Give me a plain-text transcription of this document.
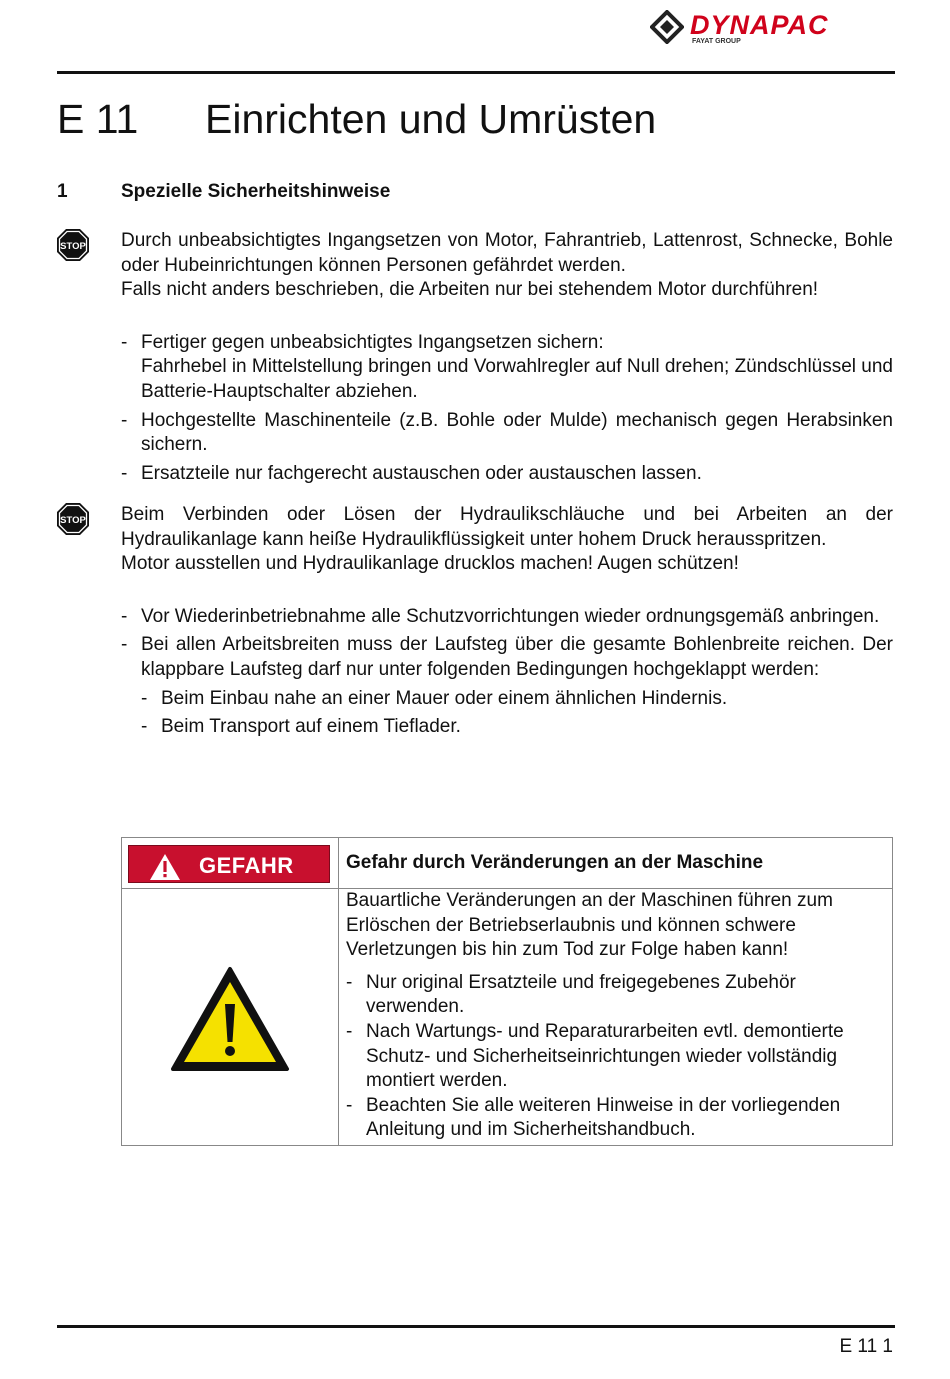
DYNAPAC
FAYAT GROUP
E 11 Einrichten und Umrüsten
1	Spezielle Sicherheitshinweise
STOP Durch unbeabsichtigtes Ingangsetzen von Motor, Fahrantrieb, Lattenrost, Schnecke, Bohle oder Hubeinrichtungen können Personen gefährdet werden.
Falls nicht anders beschrieben, die Arbeiten nur bei stehendem Motor durchführen!
- Fertiger gegen unbeabsichtigtes Ingangsetzen sichern:
Fahrhebel in Mittelstellung bringen und Vorwahlregler auf Null drehen; Zündschlüssel und Batterie-Hauptschalter abziehen.
- Hochgestellte Maschinenteile (z.B. Bohle oder Mulde) mechanisch gegen Herabsinken sichern.
- Ersatzteile nur fachgerecht austauschen oder austauschen lassen.
STOP Beim Verbinden oder Lösen der Hydraulikschläuche und bei Arbeiten an der Hydraulikanlage kann heiße Hydraulikflüssigkeit unter hohem Druck herausspritzen.
Motor ausstellen und Hydraulikanlage drucklos machen! Augen schützen!
- Vor Wiederinbetriebnahme alle Schutzvorrichtungen wieder ordnungsgemäß anbringen.
- Bei allen Arbeitsbreiten muss der Laufsteg über die gesamte Bohlenbreite reichen. Der klappbare Laufsteg darf nur unter folgenden Bedingungen hochgeklappt werden:
- Beim Einbau nahe an einer Mauer oder einem ähnlichen Hindernis.
- Beim Transport auf einem Tieflader.
GEFAHR	Gefahr durch Veränderungen an der Maschine

Bauartliche Veränderungen an der Maschinen führen zum Erlöschen der Betriebserlaubnis und können schwere Verletzungen bis hin zum Tod zur Folge haben kann!

- Nur original Ersatzteile und freigegebenes Zubehör verwenden.
- Nach Wartungs- und Reparaturarbeiten evtl. demontierte Schutz- und Sicherheitseinrichtungen wieder vollständig montiert werden.
- Beachten Sie alle weiteren Hinweise in der vorliegenden Anleitung und im Sicherheitshandbuch.
E 11 1
